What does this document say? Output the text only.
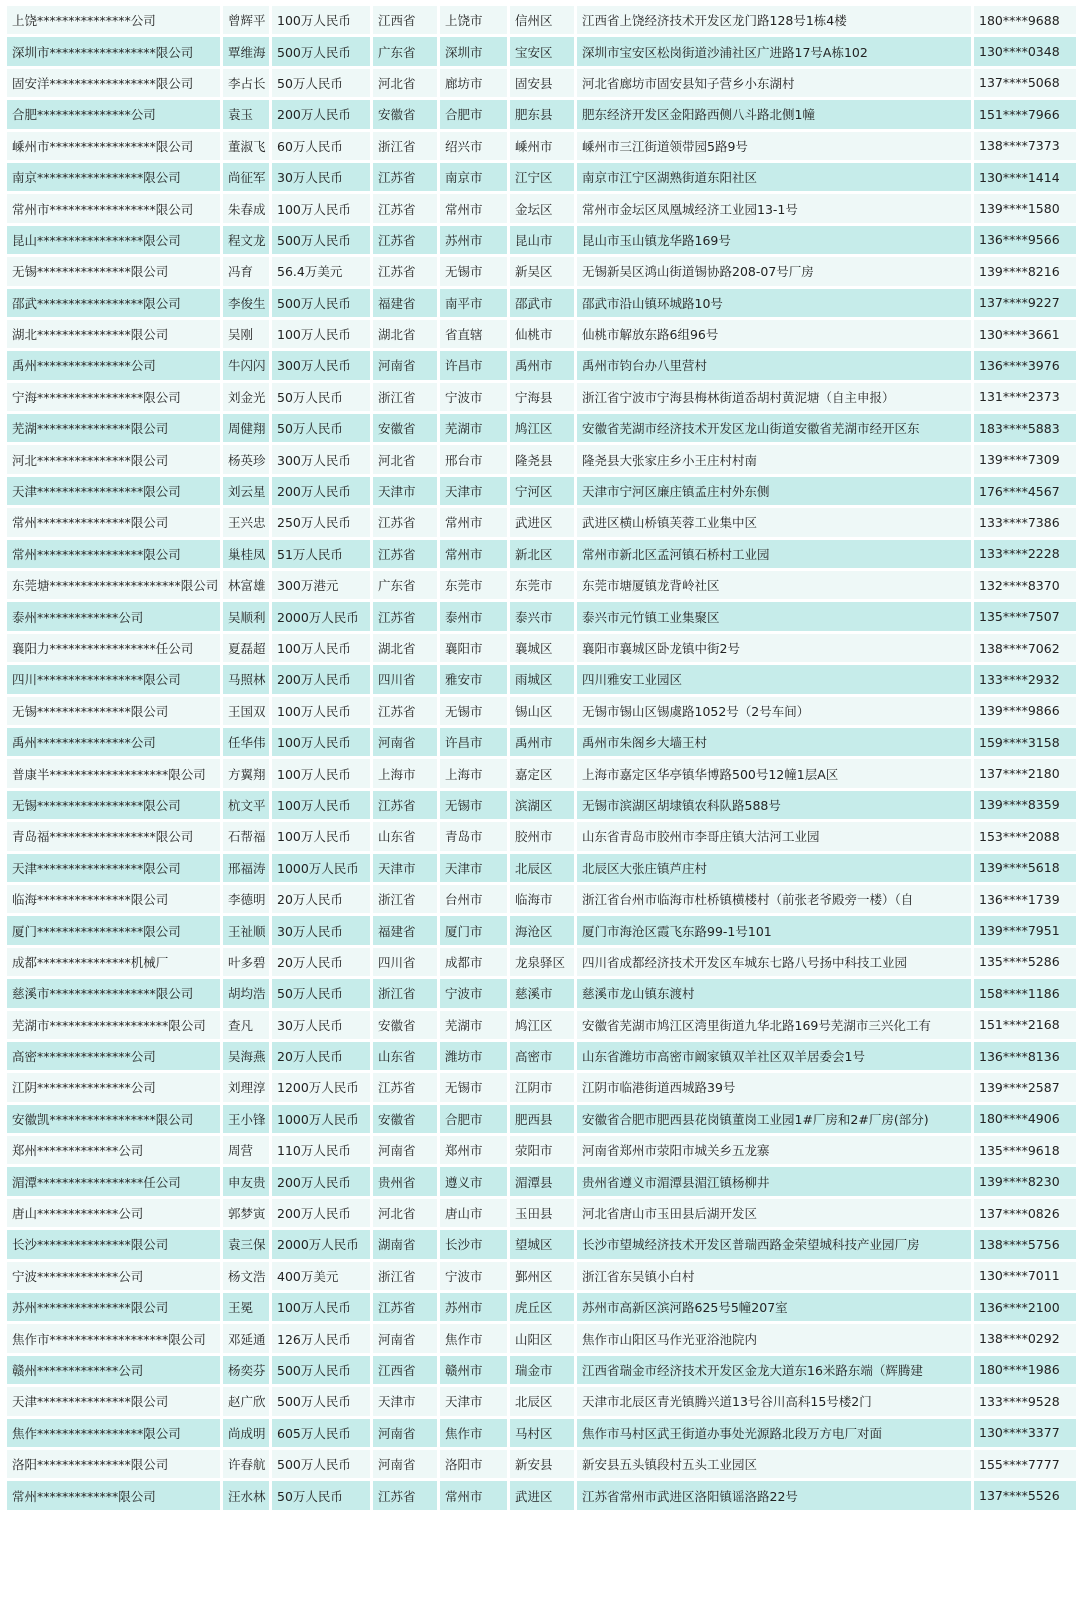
上饶***************公司	曾辉平	100万人民币	江西省	上饶市	信州区	江西省上饶经济技术开发区龙门路128号1栋4楼	180****9688
深圳市*****************限公司	覃维海	500万人民币	广东省	深圳市	宝安区	深圳市宝安区松岗街道沙浦社区广进路17号A栋102	130****0348
固安洋*****************限公司	李占长	50万人民币	河北省	廊坊市	固安县	河北省廊坊市固安县知子营乡小东湖村	137****5068
合肥***************公司	袁玉	200万人民币	安徽省	合肥市	肥东县	肥东经济开发区金阳路西侧八斗路北侧1幢	151****7966
嵊州市*****************限公司	董淑飞	60万人民币	浙江省	绍兴市	嵊州市	嵊州市三江街道领带园5路9号	138****7373
南京*****************限公司	尚征军	30万人民币	江苏省	南京市	江宁区	南京市江宁区湖熟街道东阳社区	130****1414
常州市*****************限公司	朱春成	100万人民币	江苏省	常州市	金坛区	常州市金坛区凤凰城经济工业园13-1号	139****1580
昆山*****************限公司	程文龙	500万人民币	江苏省	苏州市	昆山市	昆山市玉山镇龙华路169号	136****9566
无锡***************限公司	冯育	56.4万美元	江苏省	无锡市	新吴区	无锡新吴区鸿山街道锡协路208-07号厂房	139****8216
邵武*****************限公司	李俊生	500万人民币	福建省	南平市	邵武市	邵武市沿山镇环城路10号	137****9227
湖北***************限公司	吴刚	100万人民币	湖北省	省直辖	仙桃市	仙桃市解放东路6组96号	130****3661
禹州***************公司	牛闪闪	300万人民币	河南省	许昌市	禹州市	禹州市钧台办八里营村	136****3976
宁海*****************限公司	刘金光	50万人民币	浙江省	宁波市	宁海县	浙江省宁波市宁海县梅林街道岙胡村黄泥塘（自主申报）	131****2373
芜湖***************限公司	周健翔	50万人民币	安徽省	芜湖市	鸠江区	安徽省芜湖市经济技术开发区龙山街道安徽省芜湖市经开区东	183****5883
河北***************限公司	杨英珍	300万人民币	河北省	邢台市	隆尧县	隆尧县大张家庄乡小王庄村村南	139****7309
天津*****************限公司	刘云星	200万人民币	天津市	天津市	宁河区	天津市宁河区廉庄镇孟庄村外东侧	176****4567
常州***************限公司	王兴忠	250万人民币	江苏省	常州市	武进区	武进区横山桥镇芙蓉工业集中区	133****7386
常州*****************限公司	巢桂凤	51万人民币	江苏省	常州市	新北区	常州市新北区孟河镇石桥村工业园	133****2228
东莞塘*********************限公司	林富雄	300万港元	广东省	东莞市	东莞市	东莞市塘厦镇龙背岭社区	132****8370
泰州*************公司	吴顺利	2000万人民币	江苏省	泰州市	泰兴市	泰兴市元竹镇工业集聚区	135****7507
襄阳力*****************任公司	夏磊超	100万人民币	湖北省	襄阳市	襄城区	襄阳市襄城区卧龙镇中街2号	138****7062
四川*****************限公司	马照林	200万人民币	四川省	雅安市	雨城区	四川雅安工业园区	133****2932
无锡***************限公司	王国双	100万人民币	江苏省	无锡市	锡山区	无锡市锡山区锡虞路1052号（2号车间）	139****9866
禹州***************公司	任华伟	100万人民币	河南省	许昌市	禹州市	禹州市朱阁乡大墙王村	159****3158
普康半*******************限公司	方翼翔	100万人民币	上海市	上海市	嘉定区	上海市嘉定区华亭镇华博路500号12幢1层A区	137****2180
无锡*****************限公司	杭文平	100万人民币	江苏省	无锡市	滨湖区	无锡市滨湖区胡埭镇农科队路588号	139****8359
青岛福*****************限公司	石帮福	100万人民币	山东省	青岛市	胶州市	山东省青岛市胶州市李哥庄镇大沽河工业园	153****2088
天津*****************限公司	邢福涛	1000万人民币	天津市	天津市	北辰区	北辰区大张庄镇芦庄村	139****5618
临海***************限公司	李德明	20万人民币	浙江省	台州市	临海市	浙江省台州市临海市杜桥镇横楼村（前张老爷殿旁一楼）（自	136****1739
厦门*****************限公司	王祉顺	30万人民币	福建省	厦门市	海沧区	厦门市海沧区霞飞东路99-1号101	139****7951
成都***************机械厂	叶多碧	20万人民币	四川省	成都市	龙泉驿区	四川省成都经济技术开发区车城东七路八号扬中科技工业园	135****5286
慈溪市*****************限公司	胡均浩	50万人民币	浙江省	宁波市	慈溪市	慈溪市龙山镇东渡村	158****1186
芜湖市*******************限公司	查凡	30万人民币	安徽省	芜湖市	鸠江区	安徽省芜湖市鸠江区湾里街道九华北路169号芜湖市三兴化工有	151****2168
高密***************公司	吴海燕	20万人民币	山东省	潍坊市	高密市	山东省潍坊市高密市阚家镇双羊社区双羊居委会1号	136****8136
江阴***************公司	刘理淳	1200万人民币	江苏省	无锡市	江阴市	江阴市临港街道西城路39号	139****2587
安徽凯*****************限公司	王小锋	1000万人民币	安徽省	合肥市	肥西县	安徽省合肥市肥西县花岗镇董岗工业园1#厂房和2#厂房(部分)	180****4906
郑州*************公司	周营	110万人民币	河南省	郑州市	荥阳市	河南省郑州市荥阳市城关乡五龙寨	135****9618
湄潭*****************任公司	申友贵	200万人民币	贵州省	遵义市	湄潭县	贵州省遵义市湄潭县湄江镇杨柳井	139****8230
唐山*************公司	郭梦寅	200万人民币	河北省	唐山市	玉田县	河北省唐山市玉田县后湖开发区	137****0826
长沙***************限公司	袁三保	2000万人民币	湖南省	长沙市	望城区	长沙市望城经济技术开发区普瑞西路金荣望城科技产业园厂房	138****5756
宁波*************公司	杨文浩	400万美元	浙江省	宁波市	鄞州区	浙江省东吴镇小白村	130****7011
苏州***************限公司	王冕	100万人民币	江苏省	苏州市	虎丘区	苏州市高新区滨河路625号5幢207室	136****2100
焦作市*******************限公司	邓延通	126万人民币	河南省	焦作市	山阳区	焦作市山阳区马作光亚浴池院内	138****0292
赣州*************公司	杨奕芬	500万人民币	江西省	赣州市	瑞金市	江西省瑞金市经济技术开发区金龙大道东16米路东端（辉腾建	180****1986
天津***************限公司	赵广欣	500万人民币	天津市	天津市	北辰区	天津市北辰区青光镇腾兴道13号谷川高科15号楼2门	133****9528
焦作*****************限公司	尚成明	605万人民币	河南省	焦作市	马村区	焦作市马村区武王街道办事处光源路北段万方电厂对面	130****3377
洛阳***************限公司	许春航	500万人民币	河南省	洛阳市	新安县	新安县五头镇段村五头工业园区	155****7777
常州*************限公司	汪水林	50万人民币	江苏省	常州市	武进区	江苏省常州市武进区洛阳镇谣洛路22号	137****5526
